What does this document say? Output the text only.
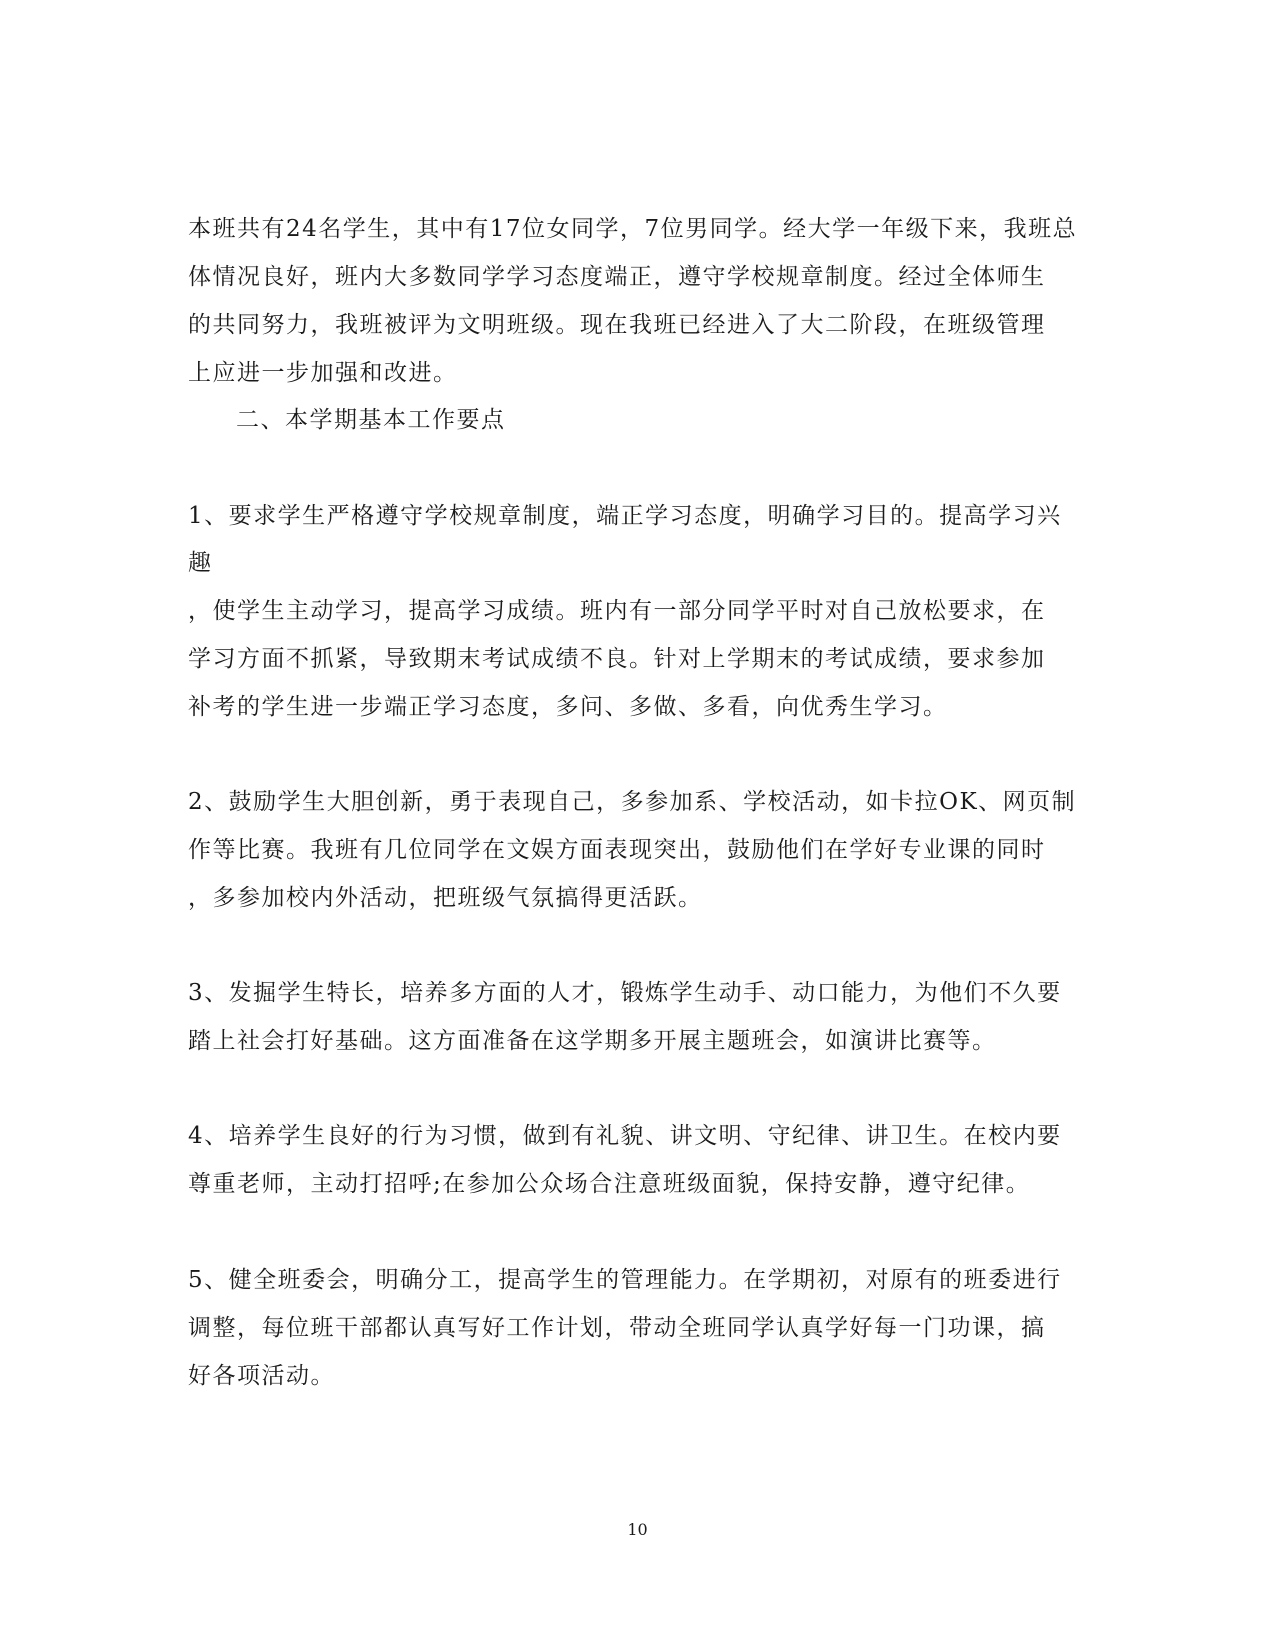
本班共有24名学生，其中有17位女同学，7位男同学。经大学一年级下来，我班总
体情况良好，班内大多数同学学习态度端正，遵守学校规章制度。经过全体师生
的共同努力，我班被评为文明班级。现在我班已经进入了大二阶段，在班级管理
上应进一步加强和改进。
二、本学期基本工作要点
1、要求学生严格遵守学校规章制度，端正学习态度，明确学习目的。提高学习兴
趣
，使学生主动学习，提高学习成绩。班内有一部分同学平时对自己放松要求，在
学习方面不抓紧，导致期末考试成绩不良。针对上学期末的考试成绩，要求参加
补考的学生进一步端正学习态度，多问、多做、多看，向优秀生学习。
2、鼓励学生大胆创新，勇于表现自己，多参加系、学校活动，如卡拉OK、网页制
作等比赛。我班有几位同学在文娱方面表现突出，鼓励他们在学好专业课的同时
，多参加校内外活动，把班级气氛搞得更活跃。
3、发掘学生特长，培养多方面的人才，锻炼学生动手、动口能力，为他们不久要
踏上社会打好基础。这方面准备在这学期多开展主题班会，如演讲比赛等。
4、培养学生良好的行为习惯，做到有礼貌、讲文明、守纪律、讲卫生。在校内要
尊重老师，主动打招呼;在参加公众场合注意班级面貌，保持安静，遵守纪律。
5、健全班委会，明确分工，提高学生的管理能力。在学期初，对原有的班委进行
调整，每位班干部都认真写好工作计划，带动全班同学认真学好每一门功课，搞
好各项活动。
10
